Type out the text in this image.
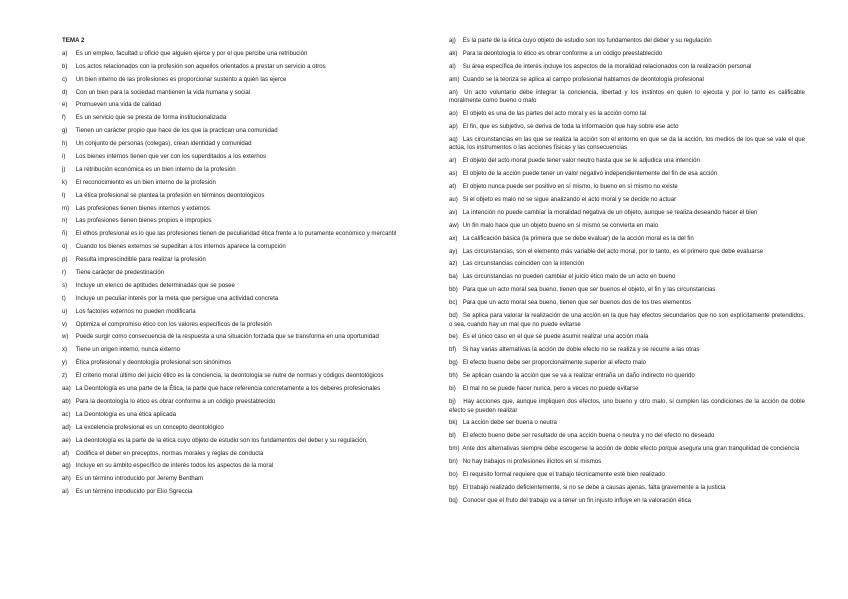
TEMA 2
a) Es un empleo, facultad u oficio que alguien ejerce y por el que percibe una retribución
b) Los actos relacionados con la profesión son aquellos orientados a prestar un servicio a otros
c) Un bien interno de las profesiones es proporcionar sustento a quién las ejerce
d) Con un bien para la sociedad mantienen la vida humana y social
e) Promueven una vida de calidad
f) Es un servicio que se presta de forma institucionalizada
g) Tienen un carácter propio que hace de los que la practican una comunidad
h) Un conjunto de personas (colegas), crean identidad y comunidad
i) Los bienes internos tienen que ver con los superditados a los externos
j) La retribución económica es un bien interno de la profesión
k) El reconocimiento es un bien interno de la profesión
l) La ética profesional se plantea la profesión en términos deontológicos
m) Las profesiones tienen bienes internos y externos
n) Las profesiones tienen bienes propios e impropios
ñ) El ethos profesional es lo que las profesiones tienen de peculiaridad ética frente a lo puramente económico y mercantil
o) Cuando los bienes externos se supeditan a los internos aparece la corrupción
p) Resulta imprescindible para realizar la profesión
r) Tiene carácter de predestinación
s) Incluye un elenco de aptitudes determinadas que se posee
t) Incluye un peculiar interés por la meta que persigue una actividad concreta
u) Los factores externos no pueden modificarla
v) Optimiza el compromiso ético con los valores específicos de la profesión
w) Puede surgir como consecuencia de la respuesta a una situación forzada que se transforma en una oportunidad
x) Tiene un origen interno, nunca externo
y) Ética profesional y deontología profesional son sinónimos
z) El criterio moral último del juicio ético es la conciencia, la deontología se nutre de normas y códigos deontológicos
aa) La Deontología es una parte de la Ética, la parte que hace referencia concretamente a los deberes profesionales
ab) Para la deontología lo ético es obrar conforme a un código preestablecido
ac) La Deontología es una ética aplicada
ad) La excelencia profesional es un concepto deontológico
ae) La deontología es la parte de la ética cuyo objeto de estudio son los fundamentos del deber y su regulación.
af) Codifica el deber en preceptos, normas morales y reglas de conducta
ag) Incluye en su ámbito específico de interés todos los aspectos de la moral
ah) Es un término introducido por Jeremy Bentham
ai) Es un término introducido por Elio Sgreccia
aj) Es la parte de la ética cuyo objeto de estudio son los fundamentos del deber y su regulación
ak) Para la deontología lo ético es obrar conforme a un código preestablecido
al) Su área específica de interés incluye los aspectos de la moralidad relacionados con la realización personal
am) Cuando se la teoriza se aplica al campo profesional hablamos de deontología profesional
an) Un acto voluntario debe integrar la conciencia, libertad y los instintos en quien lo ejecuta y por lo tanto es calificable moralmente como bueno o malo
ao) El objeto es una de las partes del acto moral y es la acción como tal
ap) El fin, que es subjetivo, se deriva de toda la información que hay sobre ese acto
aq) Las circunstancias en las que se realiza la acción son el entorno en que se da la acción, los medios de los que se vale el que actúa, los instrumentos o las acciones físicas y las consecuencias
ar) El objeto del acto moral puede tener valor neutro hasta que se le adjudica una intención
as) El objeto de la acción puede tener un valor negativo independientemente del fin de esa acción
at) El objeto nunca puede ser positivo en sí mismo, lo bueno en sí mismo no existe
au) Si el objeto es malo no se sigue analizando el acto moral y se decide no actuar
av) La intención no puede cambiar la moralidad negativa de un objeto, aunque se realiza deseando hacer el bien
aw) Un fin malo hace que un objeto bueno en sí mismo se convierta en malo
ax) La calificación básica (la primera que se debe evaluar) de la acción moral es la del fin
ay) Las circunstancias, son el elemento más variable del acto moral, por lo tanto, es el primero que debe evaluarse
az) Las circunstancias coinciden con la intención
ba) Las circunstancias no pueden cambiar el juicio ético malo de un acto en bueno
bb) Para que un acto moral sea bueno, tienen que ser buenos el objeto, el fin y las circunstancias
bc) Para que un acto moral sea bueno, tienen que ser buenos dos de los tres elementos
bd) Se aplica para valorar la realización de una acción en la que hay efectos secundarios que no son explícitamente pretendidos, o sea, cuando hay un mal que no puede evitarse
be) Es el único caso en el que se puede asumir realizar una acción mala
bf) Si hay varias alternativas la acción de doble efecto no se realiza y se recurre a las otras
bg) El efecto bueno debe ser proporcionalmente superior al efecto malo
bh) Se aplican cuando la acción que se va a realizar entraña un daño indirecto no querido
bi) El mal no se puede hacer nunca, pero a veces no puede evitarse
bj) Hay acciones que, aunque impliquen dos efectos, uno bueno y otro malo, si cumplen las condiciones de la acción de doble efecto se pueden realizar
bk) La acción debe ser buena o neutra
bl) El efecto bueno debe ser resultado de una acción buena o neutra y no del efecto no deseado
bm) Ante dos alternativas siempre debe escogerse la acción de doble efecto porque asegura una gran tranquilidad de conciencia
bn) No hay trabajos ni profesiones ilícitos en sí mismos
bo) El requisito formal requiere que el trabajo técnicamente esté bien realizado
bp) El trabajo realizado deficientemente, si no se debe a causas ajenas, falta gravemente a la justicia
bq) Conocer que el fruto del trabajo va a tener un fin injusto influye en la valoración ética
